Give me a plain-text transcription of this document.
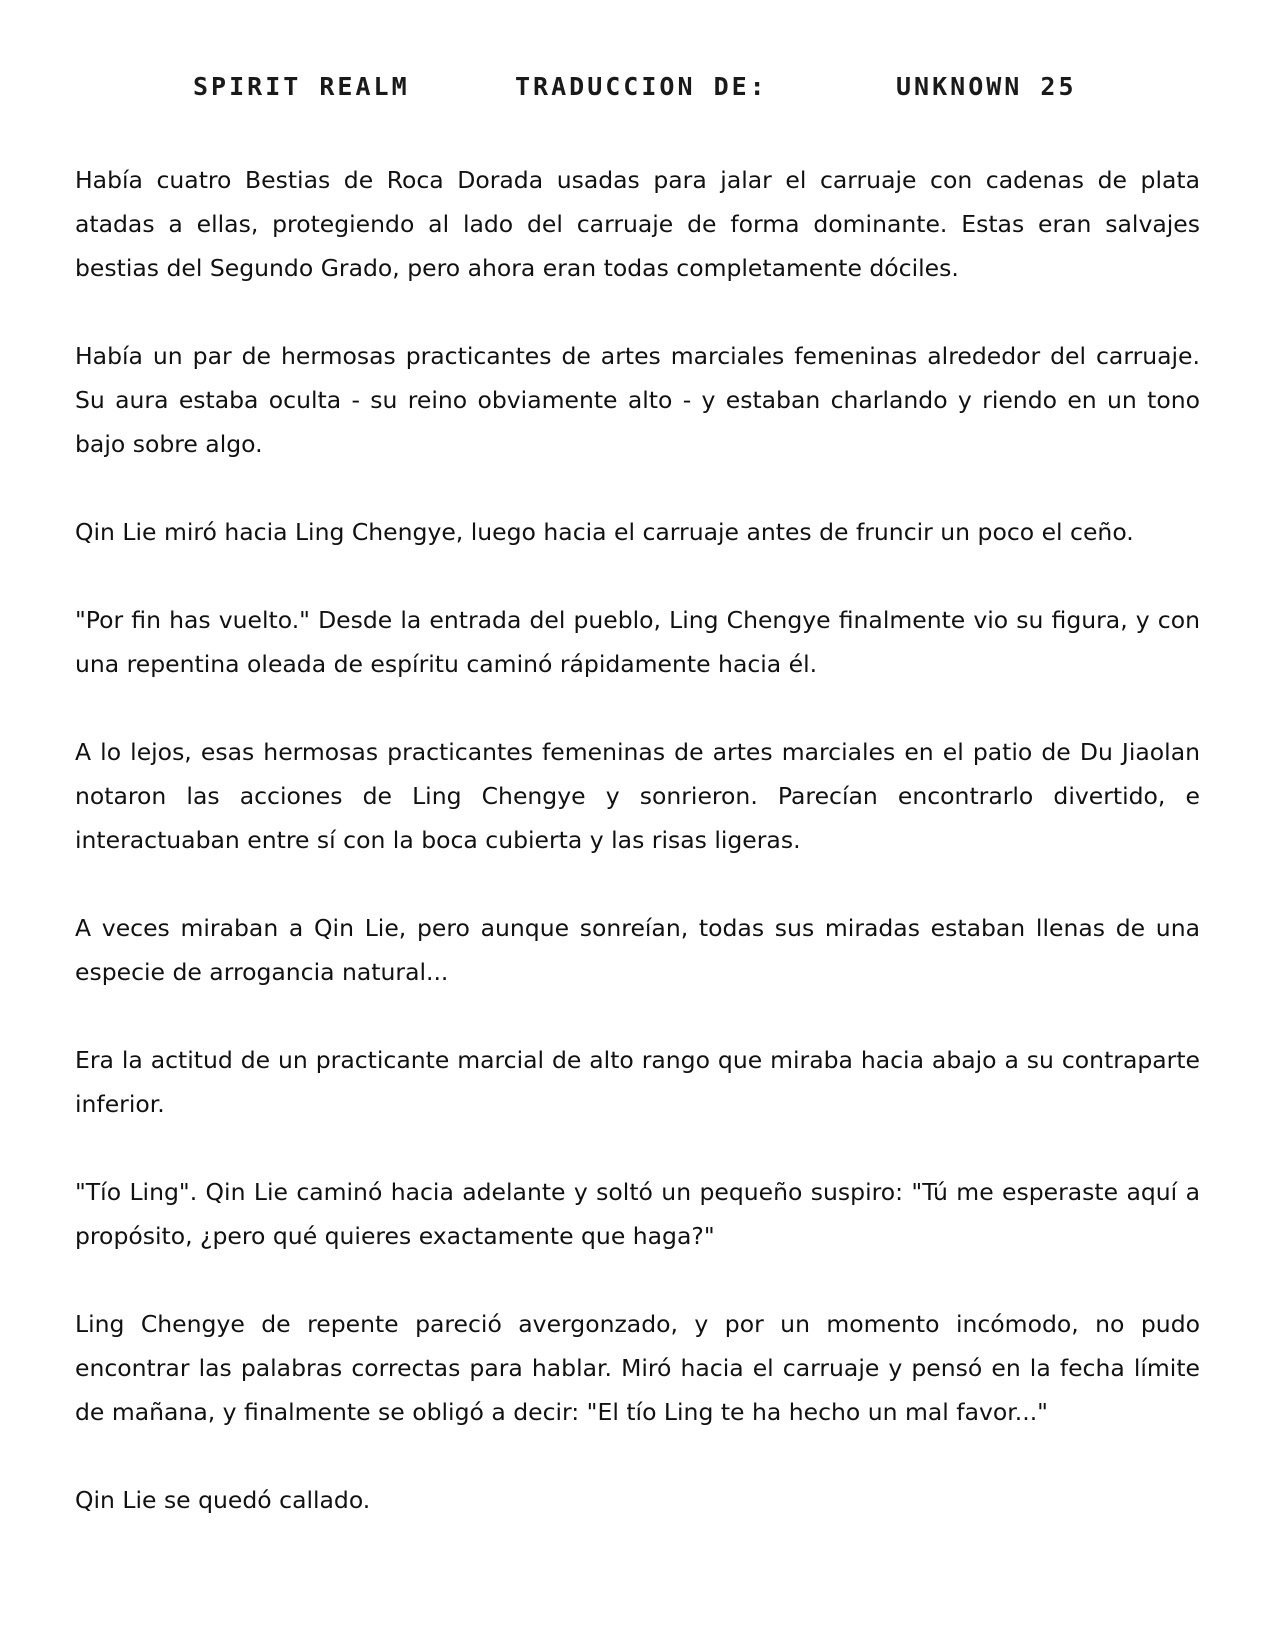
SPIRIT REALM	TRADUCCION DE:	UNKNOWN 25

Había cuatro Bestias de Roca Dorada usadas para jalar el carruaje con cadenas de plata atadas a ellas, protegiendo al lado del carruaje de forma dominante. Estas eran salvajes bestias del Segundo Grado, pero ahora eran todas completamente dóciles.

Había un par de hermosas practicantes de artes marciales femeninas alrededor del carruaje. Su aura estaba oculta - su reino obviamente alto - y estaban charlando y riendo en un tono bajo sobre algo.

Qin Lie miró hacia Ling Chengye, luego hacia el carruaje antes de fruncir un poco el ceño.

"Por fin has vuelto." Desde la entrada del pueblo, Ling Chengye finalmente vio su figura, y con una repentina oleada de espíritu caminó rápidamente hacia él.

A lo lejos, esas hermosas practicantes femeninas de artes marciales en el patio de Du Jiaolan notaron las acciones de Ling Chengye y sonrieron. Parecían encontrarlo divertido, e interactuaban entre sí con la boca cubierta y las risas ligeras.

A veces miraban a Qin Lie, pero aunque sonreían, todas sus miradas estaban llenas de una especie de arrogancia natural...

Era la actitud de un practicante marcial de alto rango que miraba hacia abajo a su contraparte inferior.

"Tío Ling". Qin Lie caminó hacia adelante y soltó un pequeño suspiro: "Tú me esperaste aquí a propósito, ¿pero qué quieres exactamente que haga?"

Ling Chengye de repente pareció avergonzado, y por un momento incómodo, no pudo encontrar las palabras correctas para hablar. Miró hacia el carruaje y pensó en la fecha límite de mañana, y finalmente se obligó a decir: "El tío Ling te ha hecho un mal favor..."

Qin Lie se quedó callado.
